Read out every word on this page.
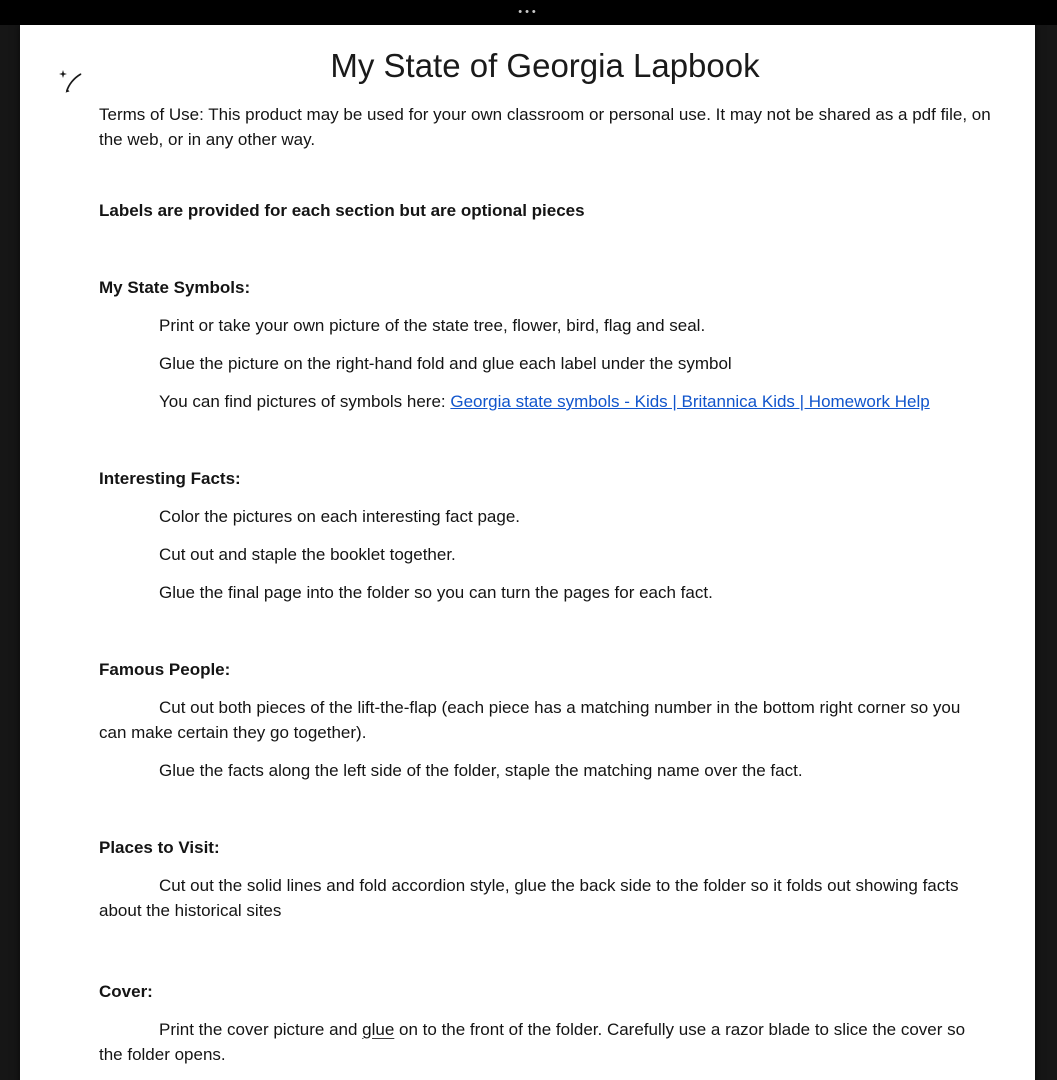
•••
My State of Georgia Lapbook

Terms of Use: This product may be used for your own classroom or personal use. It may not be shared as a pdf file, on the web, or in any other way.

Labels are provided for each section but are optional pieces

My State Symbols:

Print or take your own picture of the state tree, flower, bird, flag and seal.

Glue the picture on the right-hand fold and glue each label under the symbol

You can find pictures of symbols here: Georgia state symbols - Kids | Britannica Kids | Homework Help

Interesting Facts:

Color the pictures on each interesting fact page.

Cut out and staple the booklet together.

Glue the final page into the folder so you can turn the pages for each fact.

Famous People:

Cut out both pieces of the lift-the-flap (each piece has a matching number in the bottom right corner so you can make certain they go together).

Glue the facts along the left side of the folder, staple the matching name over the fact.

Places to Visit:

Cut out the solid lines and fold accordion style, glue the back side to the folder so it folds out showing facts about the historical sites

Cover:

Print the cover picture and glue on to the front of the folder. Carefully use a razor blade to slice the cover so the folder opens.
